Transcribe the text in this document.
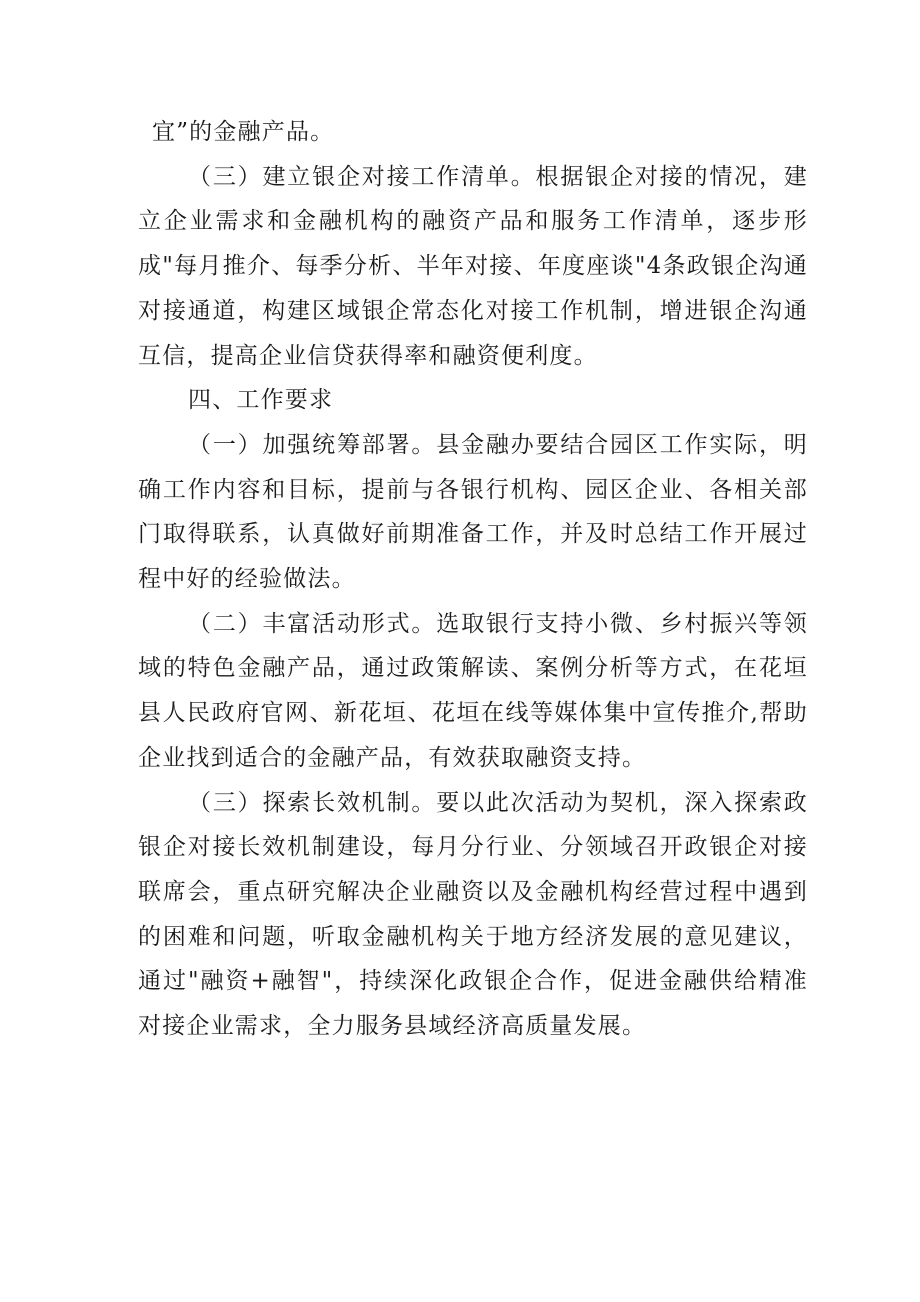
宜”的金融产品。

（三）建立银企对接工作清单。根据银企对接的情况，建立企业需求和金融机构的融资产品和服务工作清单，逐步形成"每月推介、每季分析、半年对接、年度座谈"4条政银企沟通对接通道，构建区域银企常态化对接工作机制，增进银企沟通互信，提高企业信贷获得率和融资便利度。

四、工作要求

（一）加强统筹部署。县金融办要结合园区工作实际，明确工作内容和目标，提前与各银行机构、园区企业、各相关部门取得联系，认真做好前期准备工作，并及时总结工作开展过程中好的经验做法。

（二）丰富活动形式。选取银行支持小微、乡村振兴等领域的特色金融产品，通过政策解读、案例分析等方式，在花垣县人民政府官网、新花垣、花垣在线等媒体集中宣传推介,帮助企业找到适合的金融产品，有效获取融资支持。

（三）探索长效机制。要以此次活动为契机，深入探索政银企对接长效机制建设，每月分行业、分领域召开政银企对接联席会，重点研究解决企业融资以及金融机构经营过程中遇到的困难和问题，听取金融机构关于地方经济发展的意见建议，通过"融资+融智"，持续深化政银企合作，促进金融供给精准对接企业需求，全力服务县域经济高质量发展。
